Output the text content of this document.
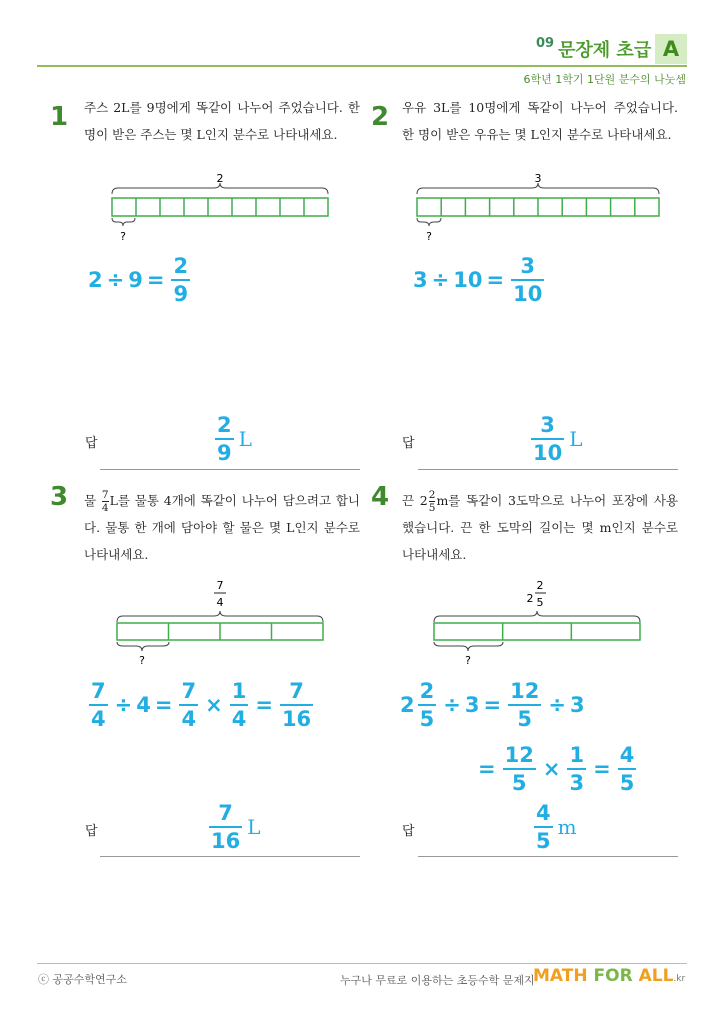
09 문장제 초급 A
6학년 1학기 1단원 분수의 나눗셈
1 주스 2L를 9명에게 똑같이 나누어 주었습니다. 한 명이 받은 주스는 몇 L인지 분수로 나타내세요.
2
?
$2 \div 9 = \frac{2}{9}$
답	$\frac{2}{9}$ L
2 우유 3L를 10명에게 똑같이 나누어 주었습니다. 한 명이 받은 우유는 몇 L인지 분수로 나타내세요.
3
?
$3 \div 10 = \frac{3}{10}$
답	$\frac{3}{10}$ L
3 물 $\frac{7}{4}$ L를 물통 4개에 똑같이 나누어 담으려고 합니다. 물통 한 개에 담아야 할 물은 몇 L인지 분수로 나타내세요.
7
4
?
$\frac{7}{4} \div 4 = \frac{7}{4} \times \frac{1}{4} = \frac{7}{16}$
답	$\frac{7}{16}$ L
4 끈 $2 \frac{2}{5}$ m를 똑같이 3도막으로 나누어 포장에 사용했습니다. 끈 한 도막의 길이는 몇 m인지 분수로 나타내세요.
2
2
5
?
$2 \frac{2}{5} \div 3 = \frac{12}{5} \div 3$
= $\frac{12}{5} \times \frac{1}{3} = \frac{4}{5}$
답	$\frac{4}{5}$ m
ⓒ 공공수학연구소	누구나 무료로 이용하는 초등수학 문제지
MATH FOR ALL.kr
